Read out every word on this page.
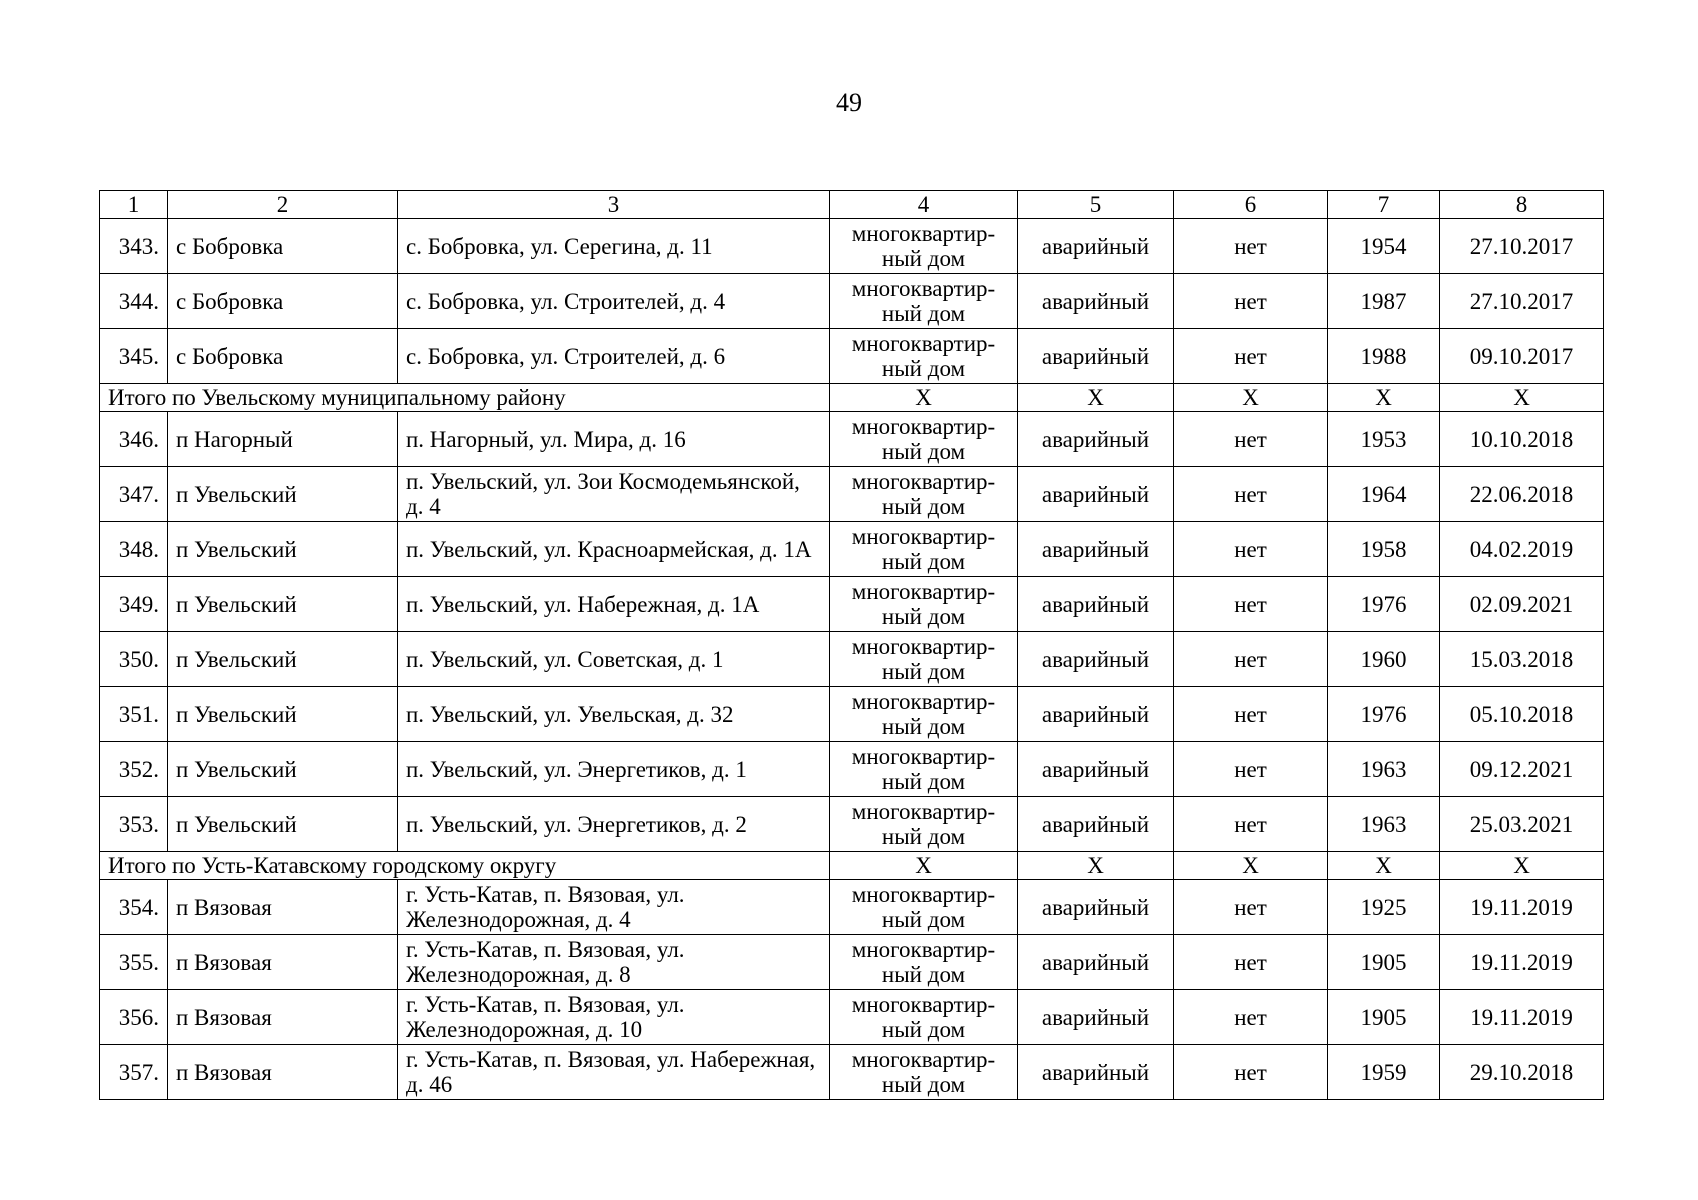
49
1	2	3	4	5	6	7	8
343.	с Бобровка	с. Бобровка, ул. Серегина, д. 11	многоквартир-ный дом	аварийный	нет	1954	27.10.2017
344.	с Бобровка	с. Бобровка, ул. Строителей, д. 4	многоквартир-ный дом	аварийный	нет	1987	27.10.2017
345.	с Бобровка	с. Бобровка, ул. Строителей, д. 6	многоквартир-ный дом	аварийный	нет	1988	09.10.2017
Итого по Увельскому муниципальному району			X	X	X	X	X
346.	п Нагорный	п. Нагорный, ул. Мира, д. 16	многоквартир-ный дом	аварийный	нет	1953	10.10.2018
347.	п Увельский	п. Увельский, ул. Зои Космодемьянской, д. 4	многоквартир-ный дом	аварийный	нет	1964	22.06.2018
348.	п Увельский	п. Увельский, ул. Красноармейская, д. 1А	многоквартир-ный дом	аварийный	нет	1958	04.02.2019
349.	п Увельский	п. Увельский, ул. Набережная, д. 1А	многоквартир-ный дом	аварийный	нет	1976	02.09.2021
350.	п Увельский	п. Увельский, ул. Советская, д. 1	многоквартир-ный дом	аварийный	нет	1960	15.03.2018
351.	п Увельский	п. Увельский, ул. Увельская, д. 32	многоквартир-ный дом	аварийный	нет	1976	05.10.2018
352.	п Увельский	п. Увельский, ул. Энергетиков, д. 1	многоквартир-ный дом	аварийный	нет	1963	09.12.2021
353.	п Увельский	п. Увельский, ул. Энергетиков, д. 2	многоквартир-ный дом	аварийный	нет	1963	25.03.2021
Итого по Усть-Катавскому городскому округу			X	X	X	X	X
354.	п Вязовая	г. Усть-Катав, п. Вязовая, ул. Железнодорожная, д. 4	многоквартир-ный дом	аварийный	нет	1925	19.11.2019
355.	п Вязовая	г. Усть-Катав, п. Вязовая, ул. Железнодорожная, д. 8	многоквартир-ный дом	аварийный	нет	1905	19.11.2019
356.	п Вязовая	г. Усть-Катав, п. Вязовая, ул. Железнодорожная, д. 10	многоквартир-ный дом	аварийный	нет	1905	19.11.2019
357.	п Вязовая	г. Усть-Катав, п. Вязовая, ул. Набережная, д. 46	многоквартир-ный дом	аварийный	нет	1959	29.10.2018
